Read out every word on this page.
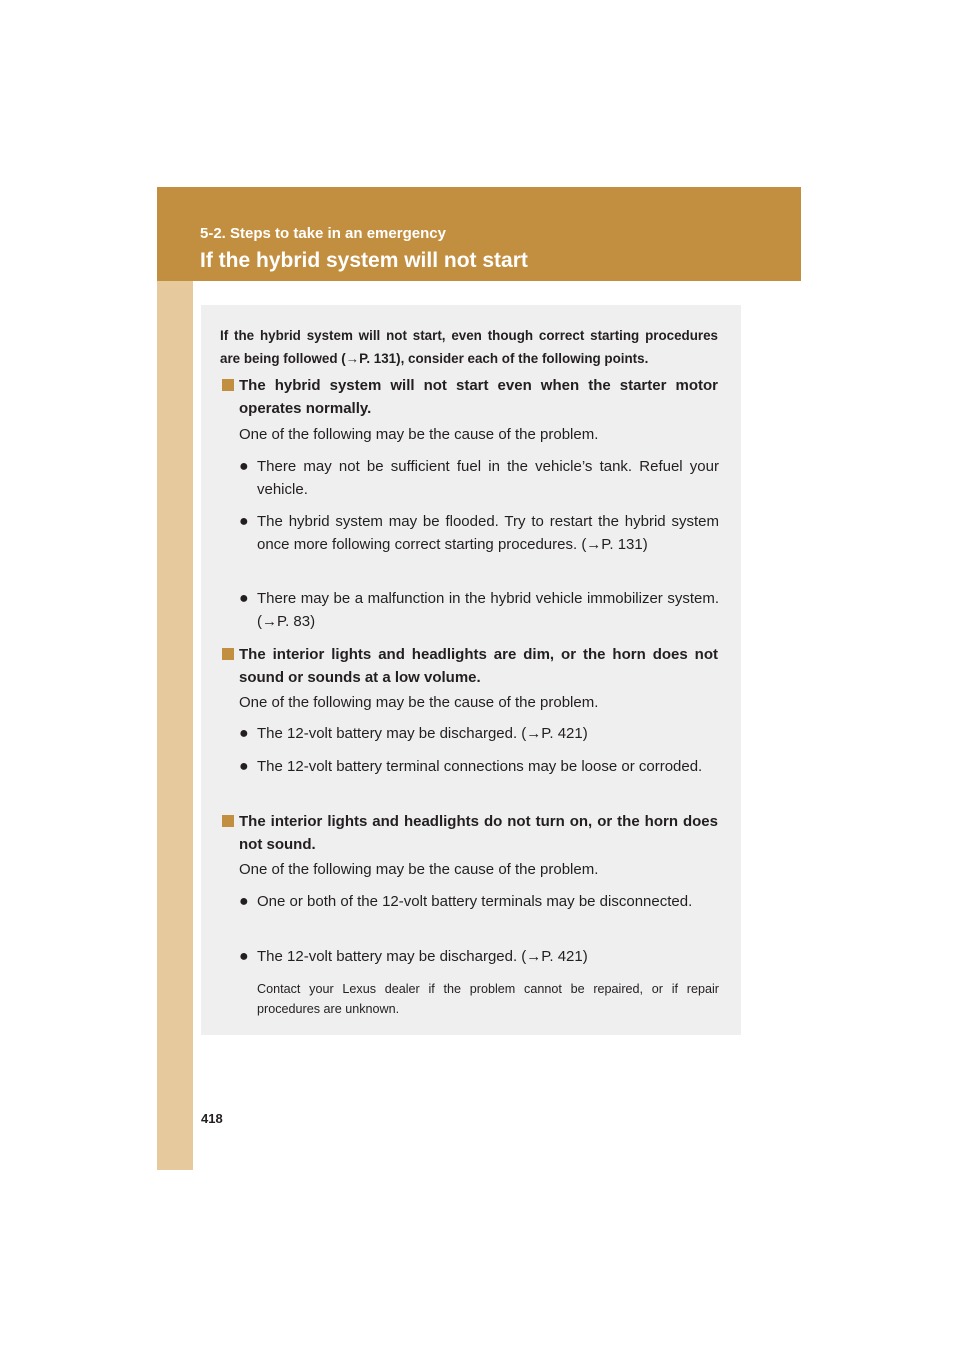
5-2. Steps to take in an emergency
If the hybrid system will not start

If the hybrid system will not start, even though correct starting procedures are being followed (→P. 131), consider each of the following points.

The hybrid system will not start even when the starter motor operates normally.
One of the following may be the cause of the problem.
● There may not be sufficient fuel in the vehicle’s tank. Refuel your vehicle.
● The hybrid system may be flooded. Try to restart the hybrid system once more following correct starting procedures. (→P. 131)
● There may be a malfunction in the hybrid vehicle immobilizer system. (→P. 83)
The interior lights and headlights are dim, or the horn does not sound or sounds at a low volume.
One of the following may be the cause of the problem.
● The 12-volt battery may be discharged. (→P. 421)
● The 12-volt battery terminal connections may be loose or corroded.
The interior lights and headlights do not turn on, or the horn does not sound.
One of the following may be the cause of the problem.
● One or both of the 12-volt battery terminals may be disconnected.
● The 12-volt battery may be discharged. (→P. 421)

Contact your Lexus dealer if the problem cannot be repaired, or if repair procedures are unknown.

418
